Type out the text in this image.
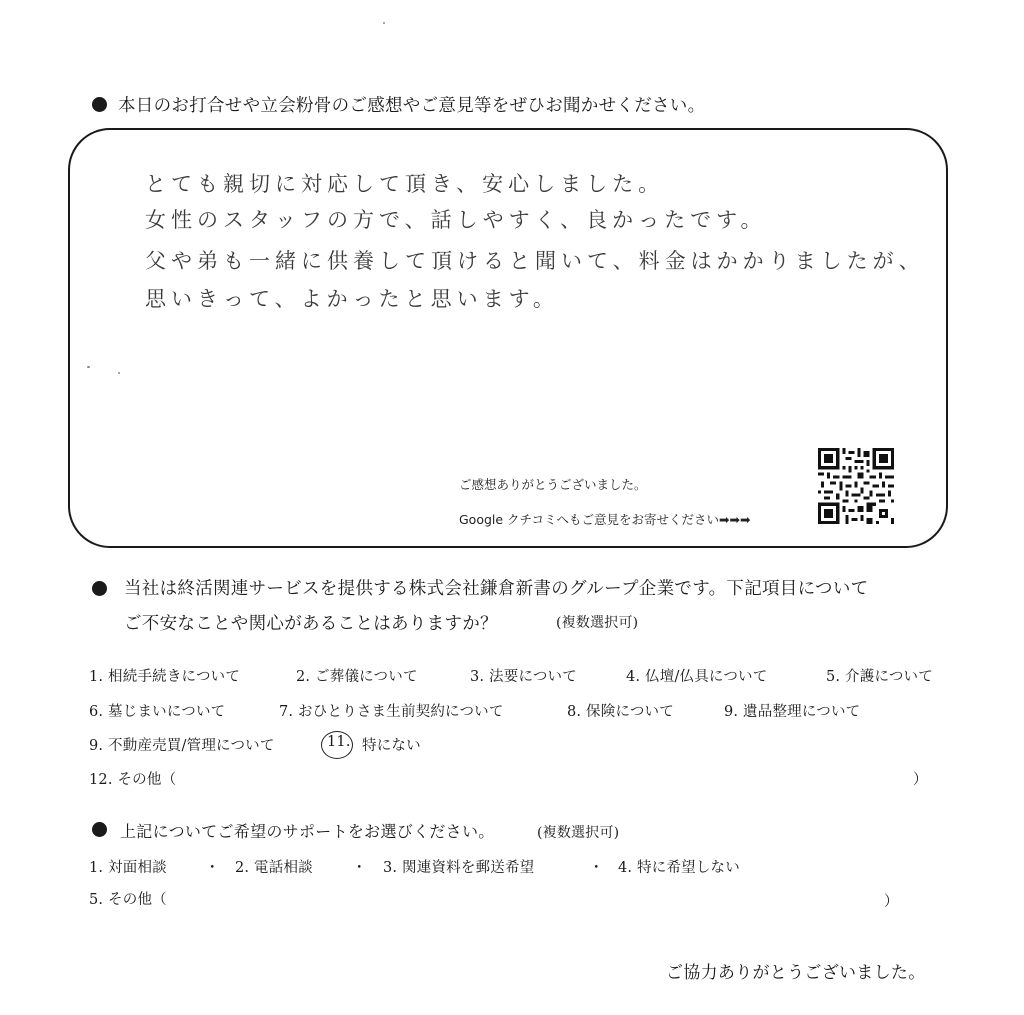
本日のお打合せや立会粉骨のご感想やご意見等をぜひお聞かせください。
とても親切に対応して頂き、安心しました。
女性のスタッフの方で、話しやすく、良かったです。
父や弟も一緒に供養して頂けると聞いて、料金はかかりましたが、
思いきって、よかったと思います。
ご感想ありがとうございました。
Google クチコミへもご意見をお寄せください➡➡➡
当社は終活関連サービスを提供する株式会社鎌倉新書のグループ企業です。下記項目について
ご不安なことや関心があることはありますか？	(複数選択可)
1. 相続手続きについて	2. ご葬儀について	3. 法要について	4. 仏壇/仏具について	5. 介護について
6. 墓じまいについて	7. おひとりさま生前契約について	8. 保険について	9. 遺品整理について
9. 不動産売買/管理について	11. 特にない
12. その他（	）
上記についてご希望のサポートをお選びください。	(複数選択可)
1. 対面相談	・ 2. 電話相談	・ 3. 関連資料を郵送希望	・ 4. 特に希望しない
5. その他（	）
ご協力ありがとうございました。
